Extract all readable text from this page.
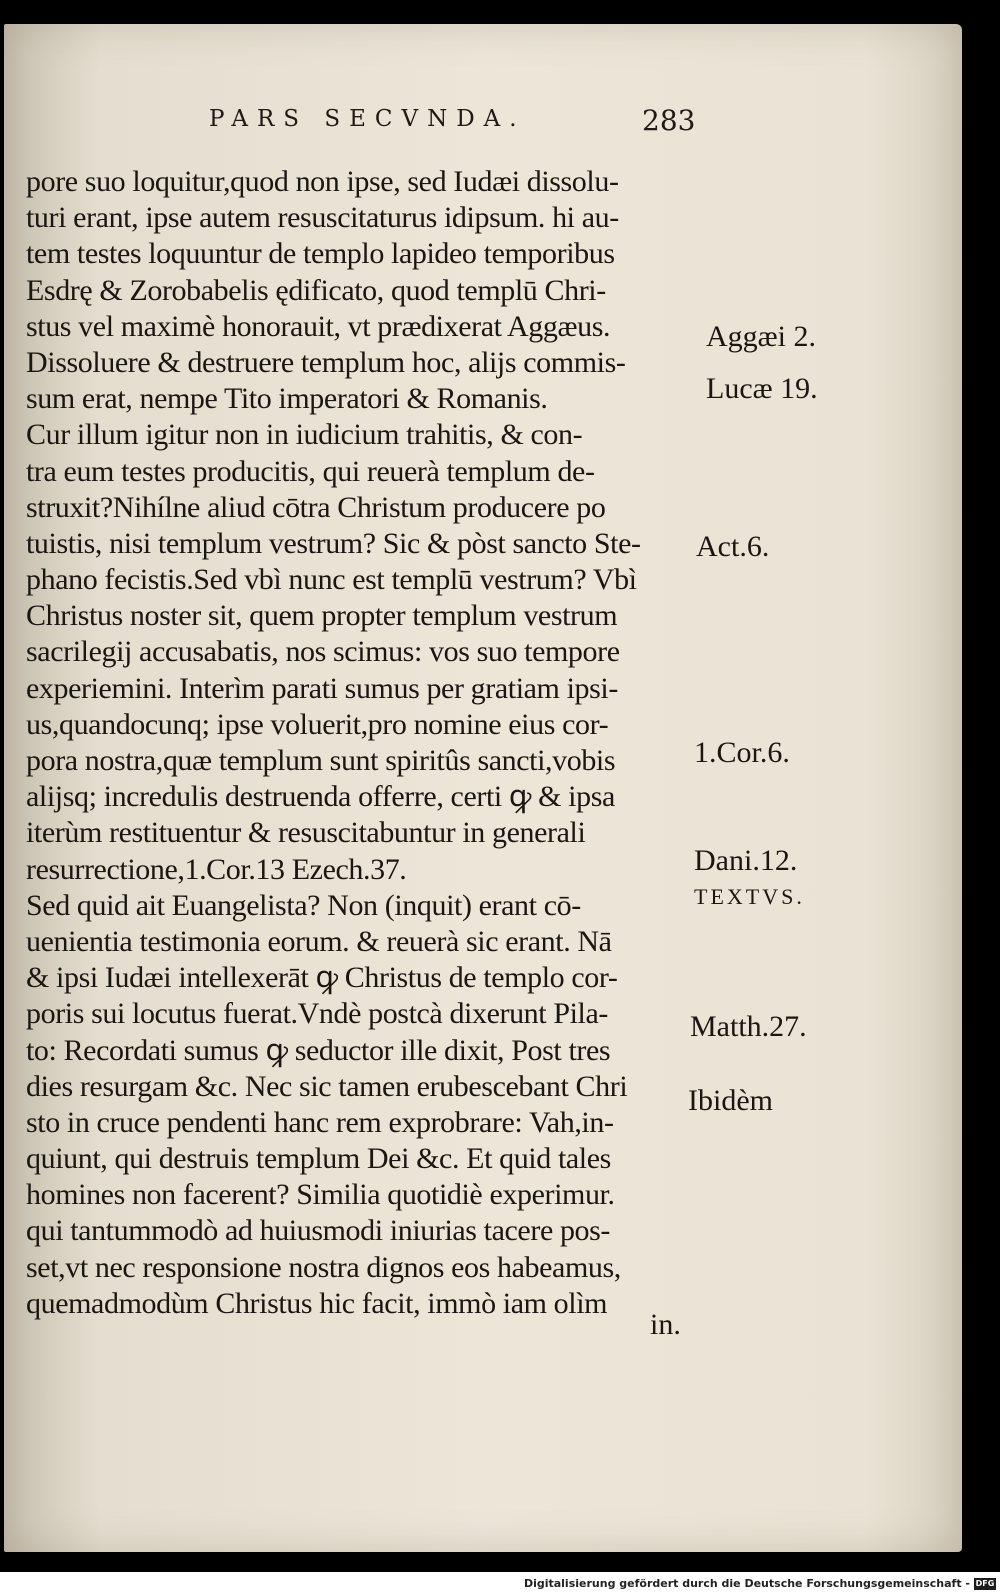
PARS SECVNDA.	283
pore suo loquitur,quod non ipse, sed Iudæi dissolu-
turi erant, ipse autem resuscitaturus idipsum. hi au-
tem testes loquuntur de templo lapideo temporibus
Esdrę & Zorobabelis ędificato, quod templū Chri-
stus vel maximè honorauit, vt prædixerat Aggæus.
Dissoluere & destruere templum hoc, alijs commis-
sum erat, nempe Tito imperatori & Romanis.
Cur illum igitur non in iudicium trahitis, & con-
tra eum testes producitis, qui reuerà templum de-
struxit?Nihílne aliud cōtra Christum producere po
tuistis, nisi templum vestrum? Sic & pòst sancto Ste-
phano fecistis.Sed vbì nunc est templū vestrum? Vbì
Christus noster sit, quem propter templum vestrum
sacrilegij accusabatis, nos scimus: vos suo tempore
experiemini. Interìm parati sumus per gratiam ipsi-
us,quandocunq; ipse voluerit,pro nomine eius cor-
pora nostra,quæ templum sunt spiritûs sancti,vobis
alijsq; incredulis destruenda offerre, certi ꝙ & ipsa
iterùm restituentur & resuscitabuntur in generali
resurrectione,1.Cor.13 Ezech.37.
Sed quid ait Euangelista? Non (inquit) erant cō-
uenientia testimonia eorum. & reuerà sic erant. Nā
& ipsi Iudæi intellexerāt ꝙ Christus de templo cor-
poris sui locutus fuerat.Vndè postcà dixerunt Pila-
to: Recordati sumus ꝙ seductor ille dixit, Post tres
dies resurgam &c. Nec sic tamen erubescebant Chri
sto in cruce pendenti hanc rem exprobrare: Vah,in-
quiunt, qui destruis templum Dei &c. Et quid tales
homines non facerent? Similia quotidiè experimur.
qui tantummodò ad huiusmodi iniurias tacere pos-
set,vt nec responsione nostra dignos eos habeamus,
quemadmodùm Christus hic facit, immò iam olìm
Aggæi 2.
Lucæ 19.
Act.6.
1.Cor.6.
Dani.12.
TEXTVS.
Matth.27.
Ibidèm
in.
Digitalisierung gefördert durch die Deutsche Forschungsgemeinschaft - DFG
